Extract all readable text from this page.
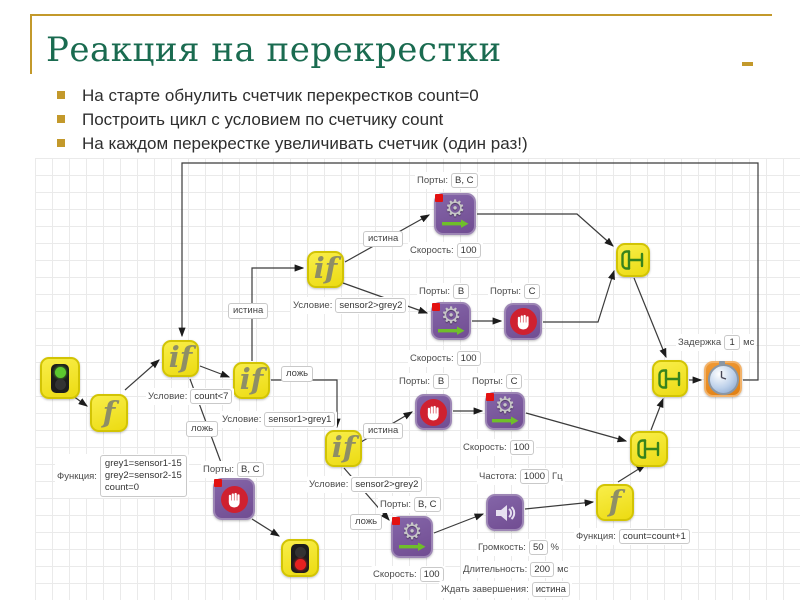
Реакция на перекрестки
На старте обнулить счетчик перекрестков count=0
Построить цикл с условием по счетчику count
На каждом перекрестке увеличивать счетчик (один раз!)
f
if
if
if
⚙
⚙
⚙
if
⚙
f
истина
истина
ложь
ложь	истина
ложь
Порты: B, C
Скорость: 100
Порты: B	Порты: C
Скорость: 100
Задержка 1 мс
Условие: sensor2>grey2
Условие: count<7
Условие: sensor1>grey1
Функция:
grey1=sensor1-15
grey2=sensor2-15
count=0
Порты: B, C
Порты: B	Порты: C
Скорость: 100
Условие: sensor2>grey2
Порты: B, C
Скорость: 100
Частота: 1000 Гц
Громкость: 50 %
Длительность: 200 мс
Ждать завершения: истина
Функция: count=count+1
